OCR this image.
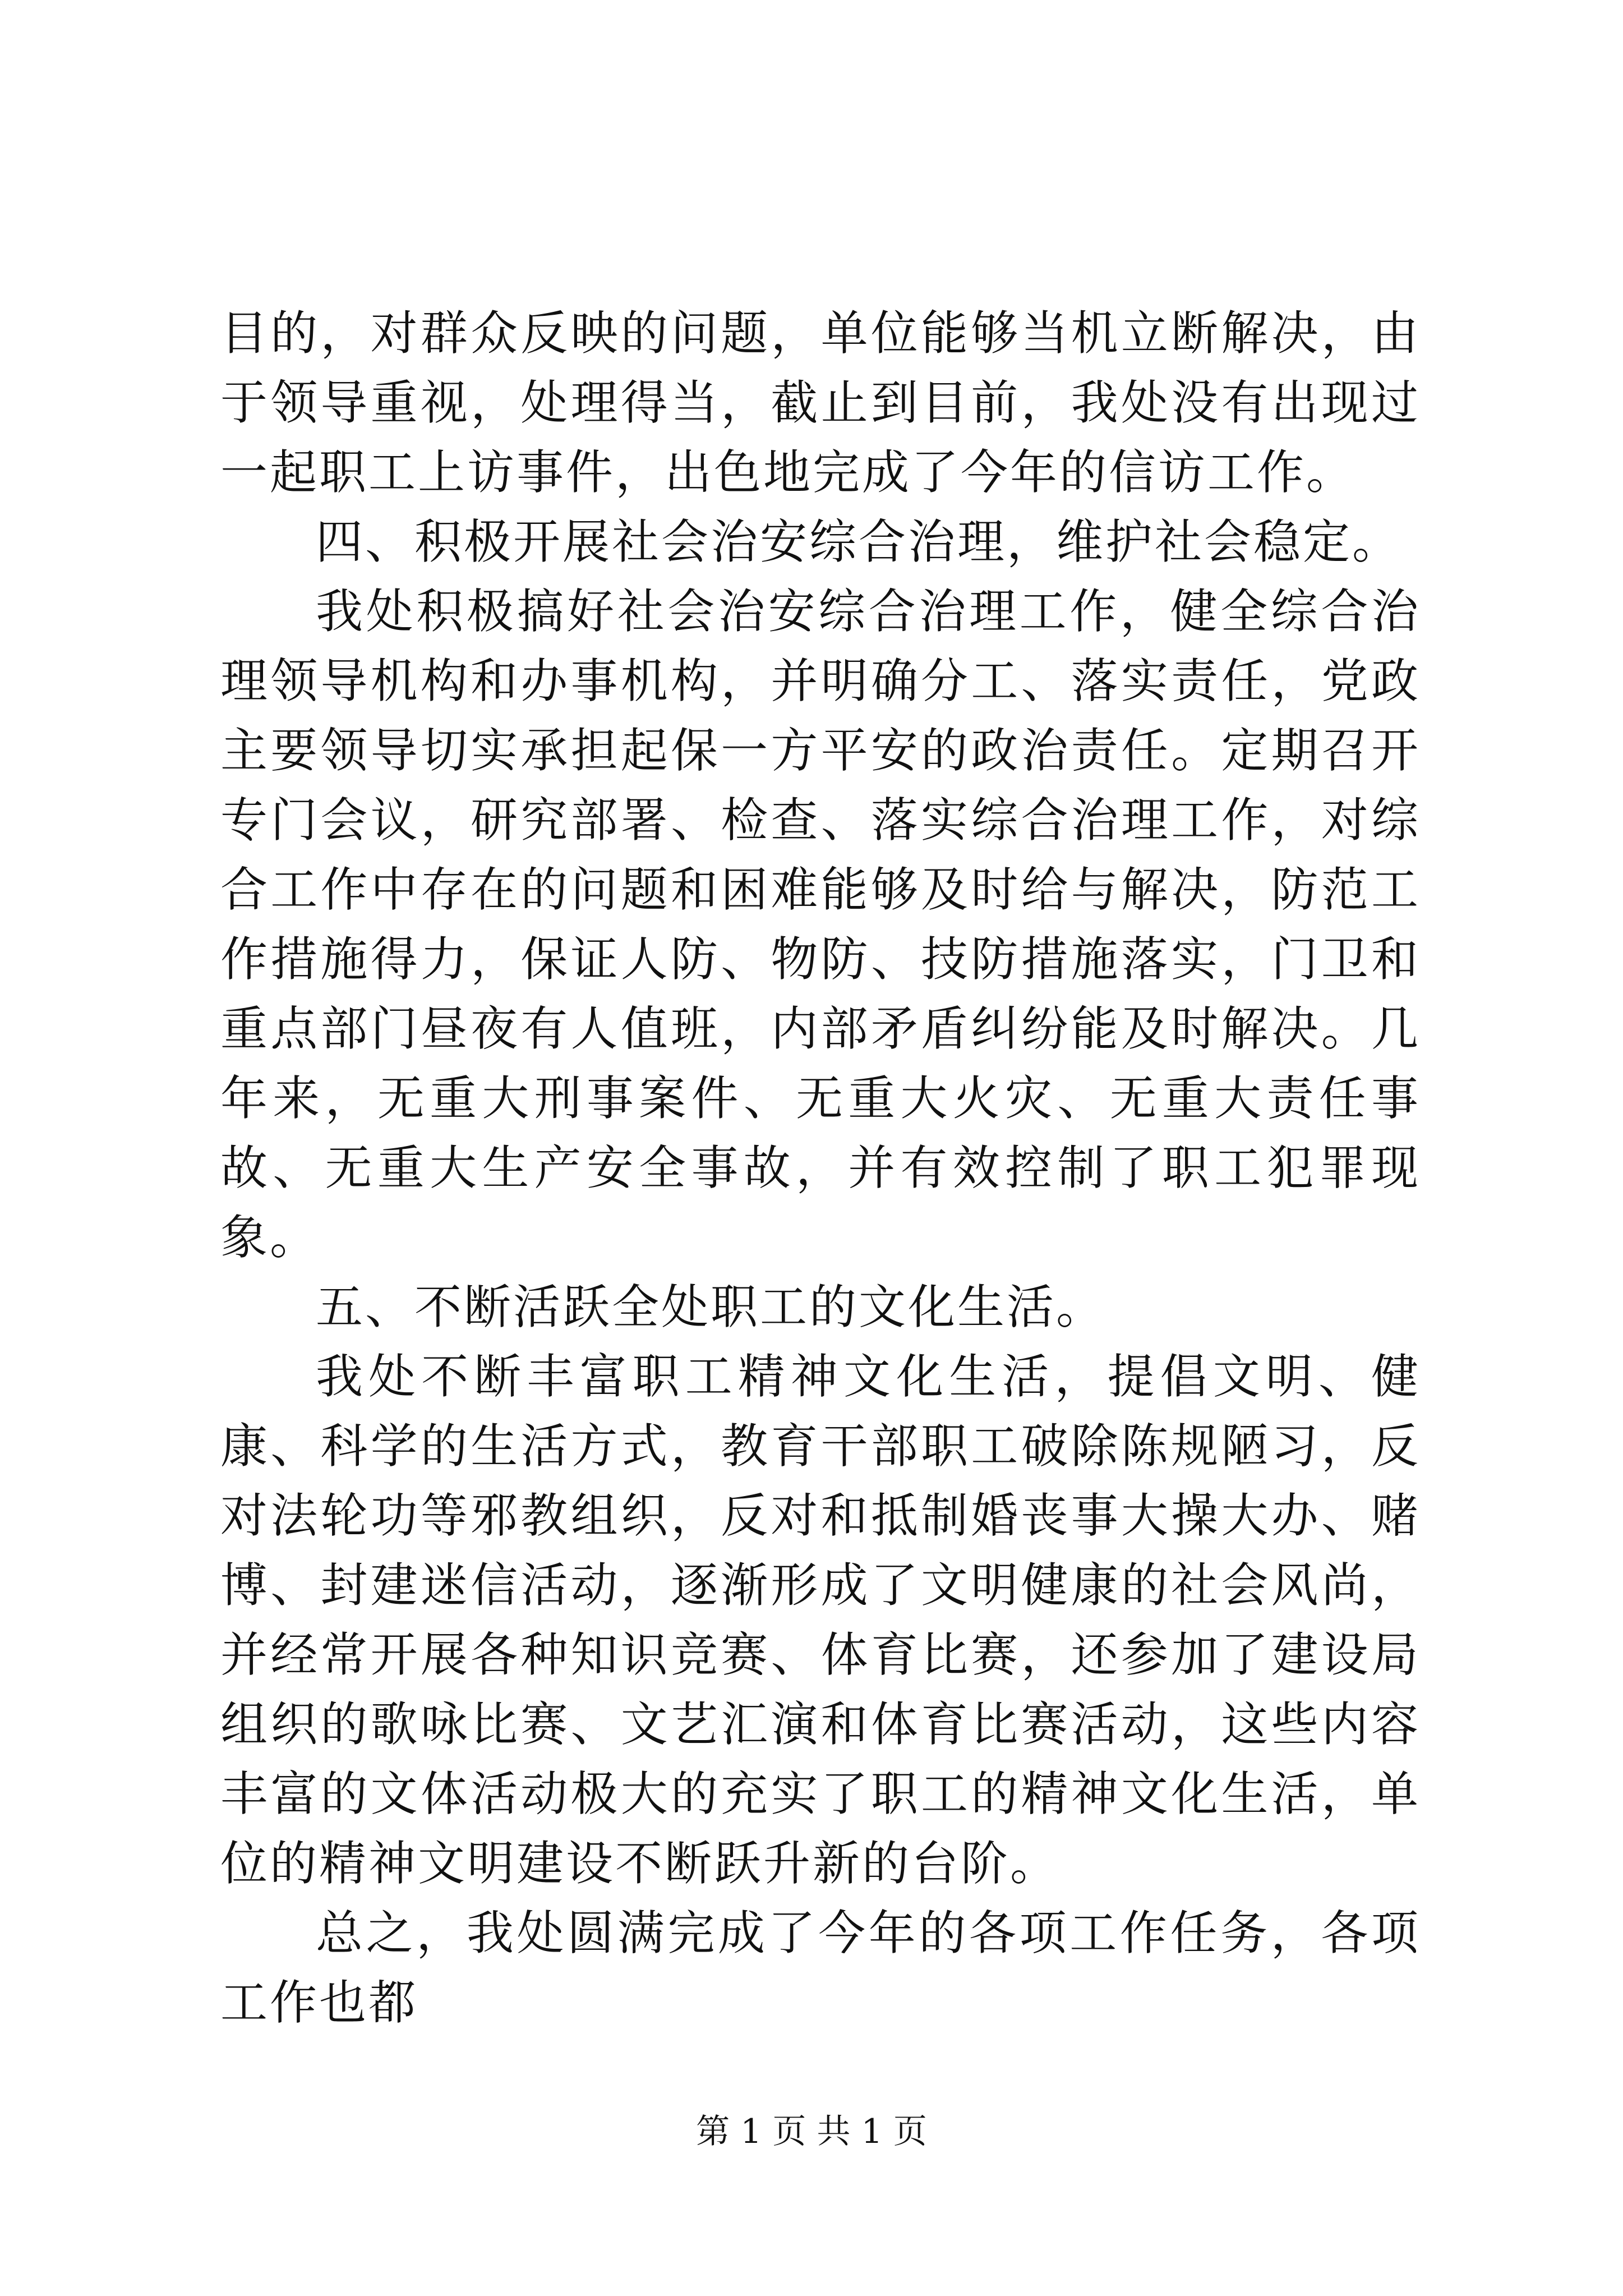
目的，对群众反映的问题，单位能够当机立断解决，由于领导重视，处理得当，截止到目前，我处没有出现过一起职工上访事件，出色地完成了今年的信访工作。

四、积极开展社会治安综合治理，维护社会稳定。

我处积极搞好社会治安综合治理工作，健全综合治理领导机构和办事机构，并明确分工、落实责任，党政主要领导切实承担起保一方平安的政治责任。定期召开专门会议，研究部署、检查、落实综合治理工作，对综合工作中存在的问题和困难能够及时给与解决，防范工作措施得力，保证人防、物防、技防措施落实，门卫和重点部门昼夜有人值班，内部矛盾纠纷能及时解决。几年来，无重大刑事案件、无重大火灾、无重大责任事故、无重大生产安全事故，并有效控制了职工犯罪现象。

五、不断活跃全处职工的文化生活。

我处不断丰富职工精神文化生活，提倡文明、健康、科学的生活方式，教育干部职工破除陈规陋习，反对法轮功等邪教组织，反对和抵制婚丧事大操大办、赌博、封建迷信活动，逐渐形成了文明健康的社会风尚，并经常开展各种知识竞赛、体育比赛，还参加了建设局组织的歌咏比赛、文艺汇演和体育比赛活动，这些内容丰富的文体活动极大的充实了职工的精神文化生活，单位的精神文明建设不断跃升新的台阶。

总之，我处圆满完成了今年的各项工作任务，各项工作也都

第 1 页 共 1 页
